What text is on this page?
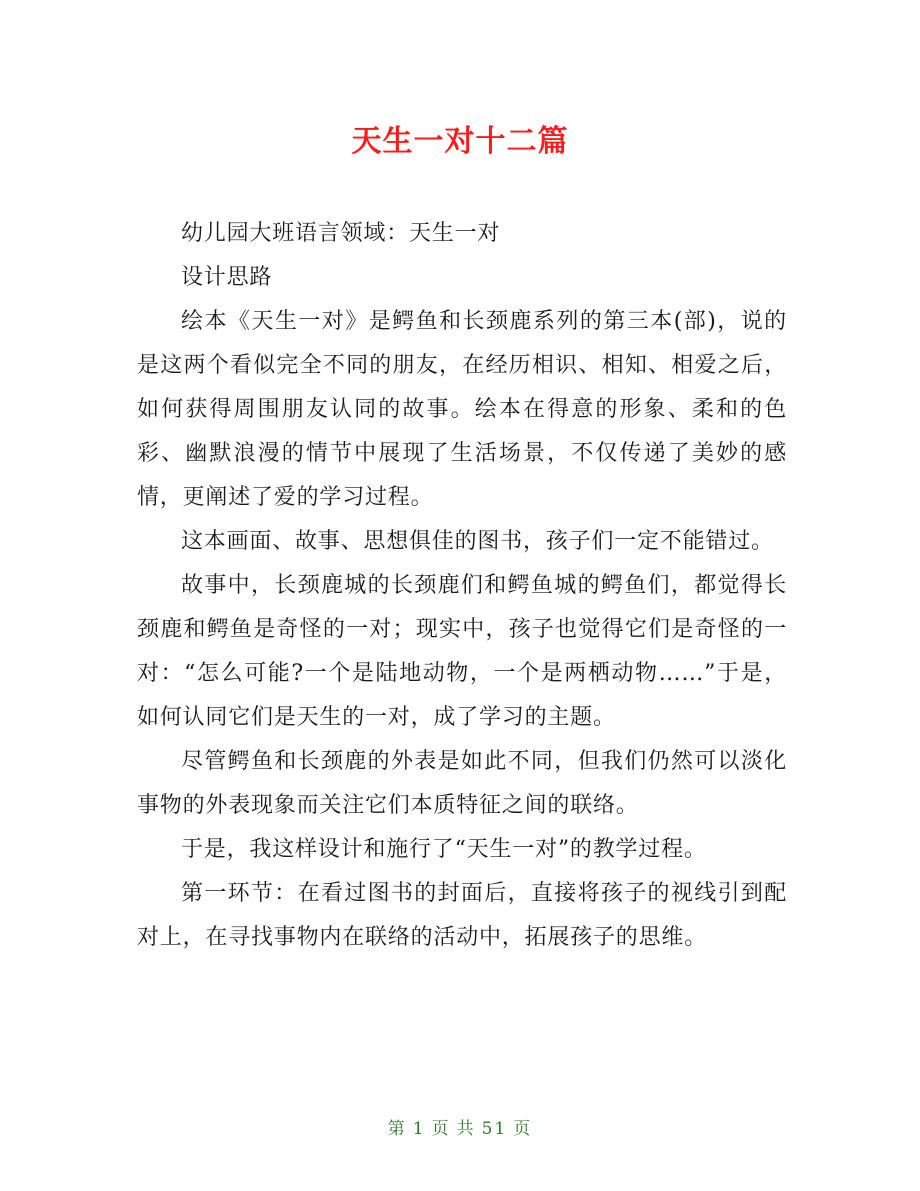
天生一对十二篇

幼儿园大班语言领域：天生一对

设计思路

绘本《天生一对》是鳄鱼和长颈鹿系列的第三本(部)，说的是这两个看似完全不同的朋友，在经历相识、相知、相爱之后，如何获得周围朋友认同的故事。绘本在得意的形象、柔和的色彩、幽默浪漫的情节中展现了生活场景，不仅传递了美妙的感情，更阐述了爱的学习过程。

这本画面、故事、思想俱佳的图书，孩子们一定不能错过。

故事中，长颈鹿城的长颈鹿们和鳄鱼城的鳄鱼们，都觉得长颈鹿和鳄鱼是奇怪的一对；现实中，孩子也觉得它们是奇怪的一对：“怎么可能?一个是陆地动物，一个是两栖动物……”于是，如何认同它们是天生的一对，成了学习的主题。

尽管鳄鱼和长颈鹿的外表是如此不同，但我们仍然可以淡化事物的外表现象而关注它们本质特征之间的联络。

于是，我这样设计和施行了“天生一对”的教学过程。

第一环节：在看过图书的封面后，直接将孩子的视线引到配对上，在寻找事物内在联络的活动中，拓展孩子的思维。

第 1 页 共 51 页
